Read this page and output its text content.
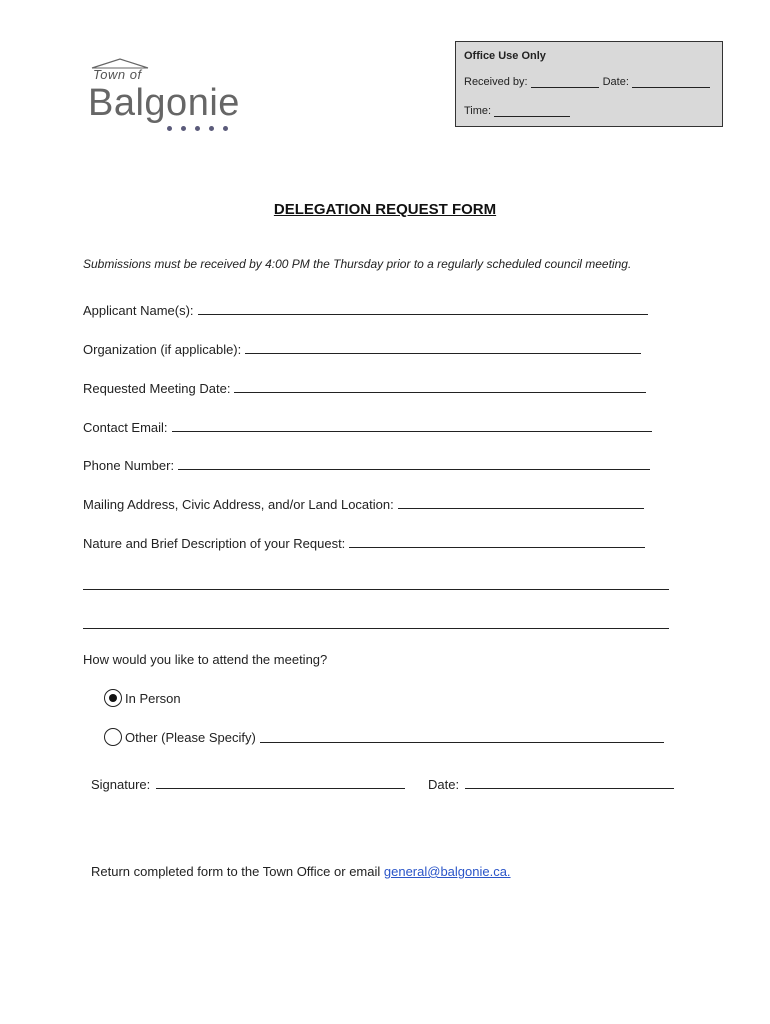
Town of
Balgonie
Office Use Only
Received by:	Date:
Time:
DELEGATION REQUEST FORM
Submissions must be received by 4:00 PM the Thursday prior to a regularly scheduled council meeting.
Applicant Name(s):
Organization (if applicable):
Requested Meeting Date:
Contact Email:
Phone Number:
Mailing Address, Civic Address, and/or Land Location:
Nature and Brief Description of your Request:
How would you like to attend the meeting?
In Person
Other (Please Specify)
Signature:	Date:
Return completed form to the Town Office or email general@balgonie.ca.
